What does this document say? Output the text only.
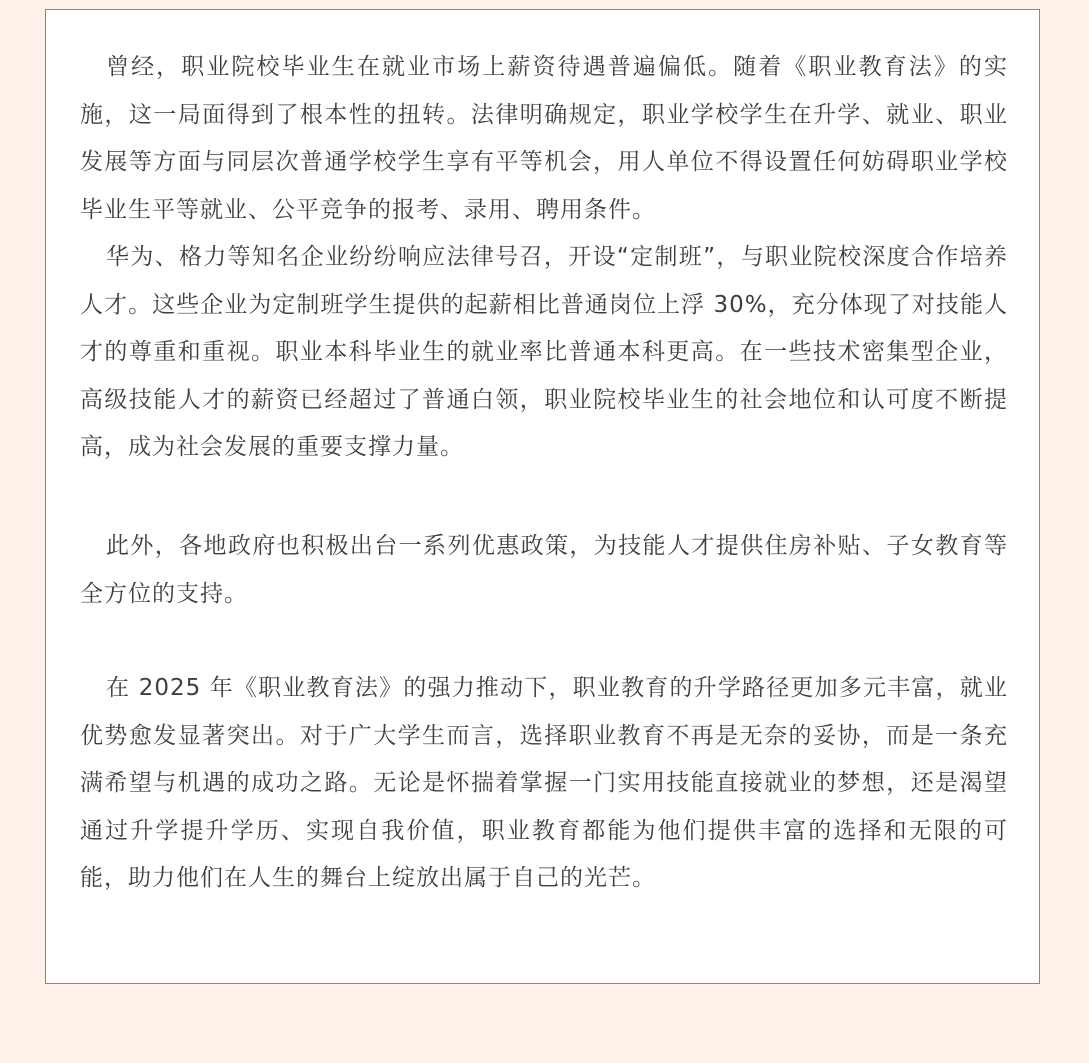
曾经，职业院校毕业生在就业市场上薪资待遇普遍偏低。随着《职业教育法》的实施，这一局面得到了根本性的扭转。法律明确规定，职业学校学生在升学、就业、职业发展等方面与同层次普通学校学生享有平等机会，用人单位不得设置任何妨碍职业学校毕业生平等就业、公平竞争的报考、录用、聘用条件。

华为、格力等知名企业纷纷响应法律号召，开设“定制班”，与职业院校深度合作培养人才。这些企业为定制班学生提供的起薪相比普通岗位上浮 30%，充分体现了对技能人才的尊重和重视。职业本科毕业生的就业率比普通本科更高。在一些技术密集型企业，高级技能人才的薪资已经超过了普通白领，职业院校毕业生的社会地位和认可度不断提高，成为社会发展的重要支撑力量。

此外，各地政府也积极出台一系列优惠政策，为技能人才提供住房补贴、子女教育等全方位的支持。

在 2025 年《职业教育法》的强力推动下，职业教育的升学路径更加多元丰富，就业优势愈发显著突出。对于广大学生而言，选择职业教育不再是无奈的妥协，而是一条充满希望与机遇的成功之路。无论是怀揣着掌握一门实用技能直接就业的梦想，还是渴望通过升学提升学历、实现自我价值，职业教育都能为他们提供丰富的选择和无限的可能，助力他们在人生的舞台上绽放出属于自己的光芒。
